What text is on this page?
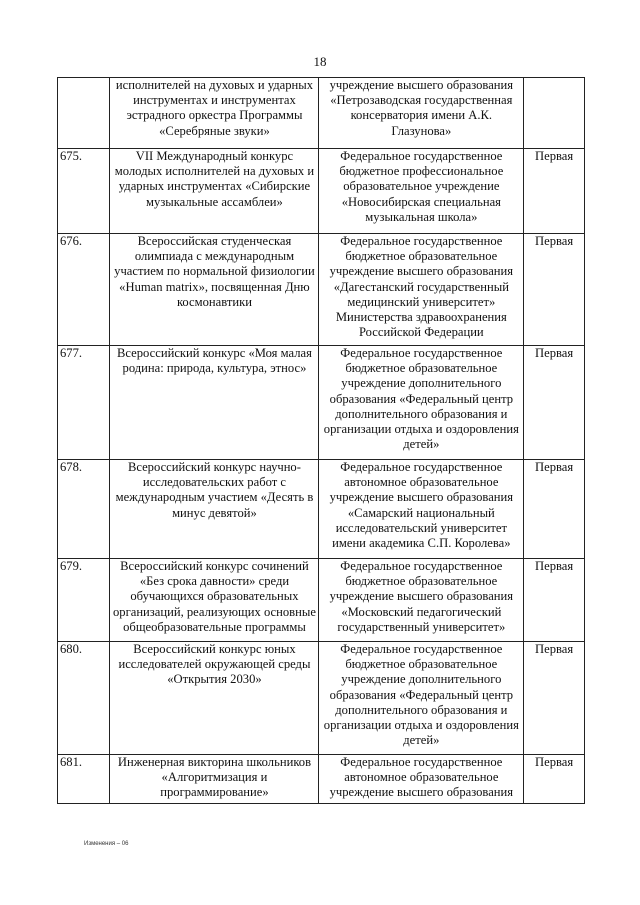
18
	исполнителей на духовых и ударных инструментах и инструментах эстрадного оркестра Программы «Серебряные звуки»	учреждение высшего образования «Петрозаводская государственная консерватория имени А.К. Глазунова»	
675.	VII Международный конкурс молодых исполнителей на духовых и ударных инструментах «Сибирские музыкальные ассамблеи»	Федеральное государственное бюджетное профессиональное образовательное учреждение «Новосибирская специальная музыкальная школа»	Первая
676.	Всероссийская студенческая олимпиада с международным участием по нормальной физиологии «Human matrix», посвященная Дню космонавтики	Федеральное государственное бюджетное образовательное учреждение высшего образования «Дагестанский государственный медицинский университет» Министерства здравоохранения Российской Федерации	Первая
677.	Всероссийский конкурс «Моя малая родина: природа, культура, этнос»	Федеральное государственное бюджетное образовательное учреждение дополнительного образования «Федеральный центр дополнительного образования и организации отдыха и оздоровления детей»	Первая
678.	Всероссийский конкурс научно-исследовательских работ с международным участием «Десять в минус девятой»	Федеральное государственное автономное образовательное учреждение высшего образования «Самарский национальный исследовательский университет имени академика С.П. Королева»	Первая
679.	Всероссийский конкурс сочинений «Без срока давности» среди обучающихся образовательных организаций, реализующих основные общеобразовательные программы	Федеральное государственное бюджетное образовательное учреждение высшего образования «Московский педагогический государственный университет»	Первая
680.	Всероссийский конкурс юных исследователей окружающей среды «Открытия 2030»	Федеральное государственное бюджетное образовательное учреждение дополнительного образования «Федеральный центр дополнительного образования и организации отдыха и оздоровления детей»	Первая
681.	Инженерная викторина школьников «Алгоритмизация и программирование»	Федеральное государственное автономное образовательное учреждение высшего образования	Первая
Изменения – 06
